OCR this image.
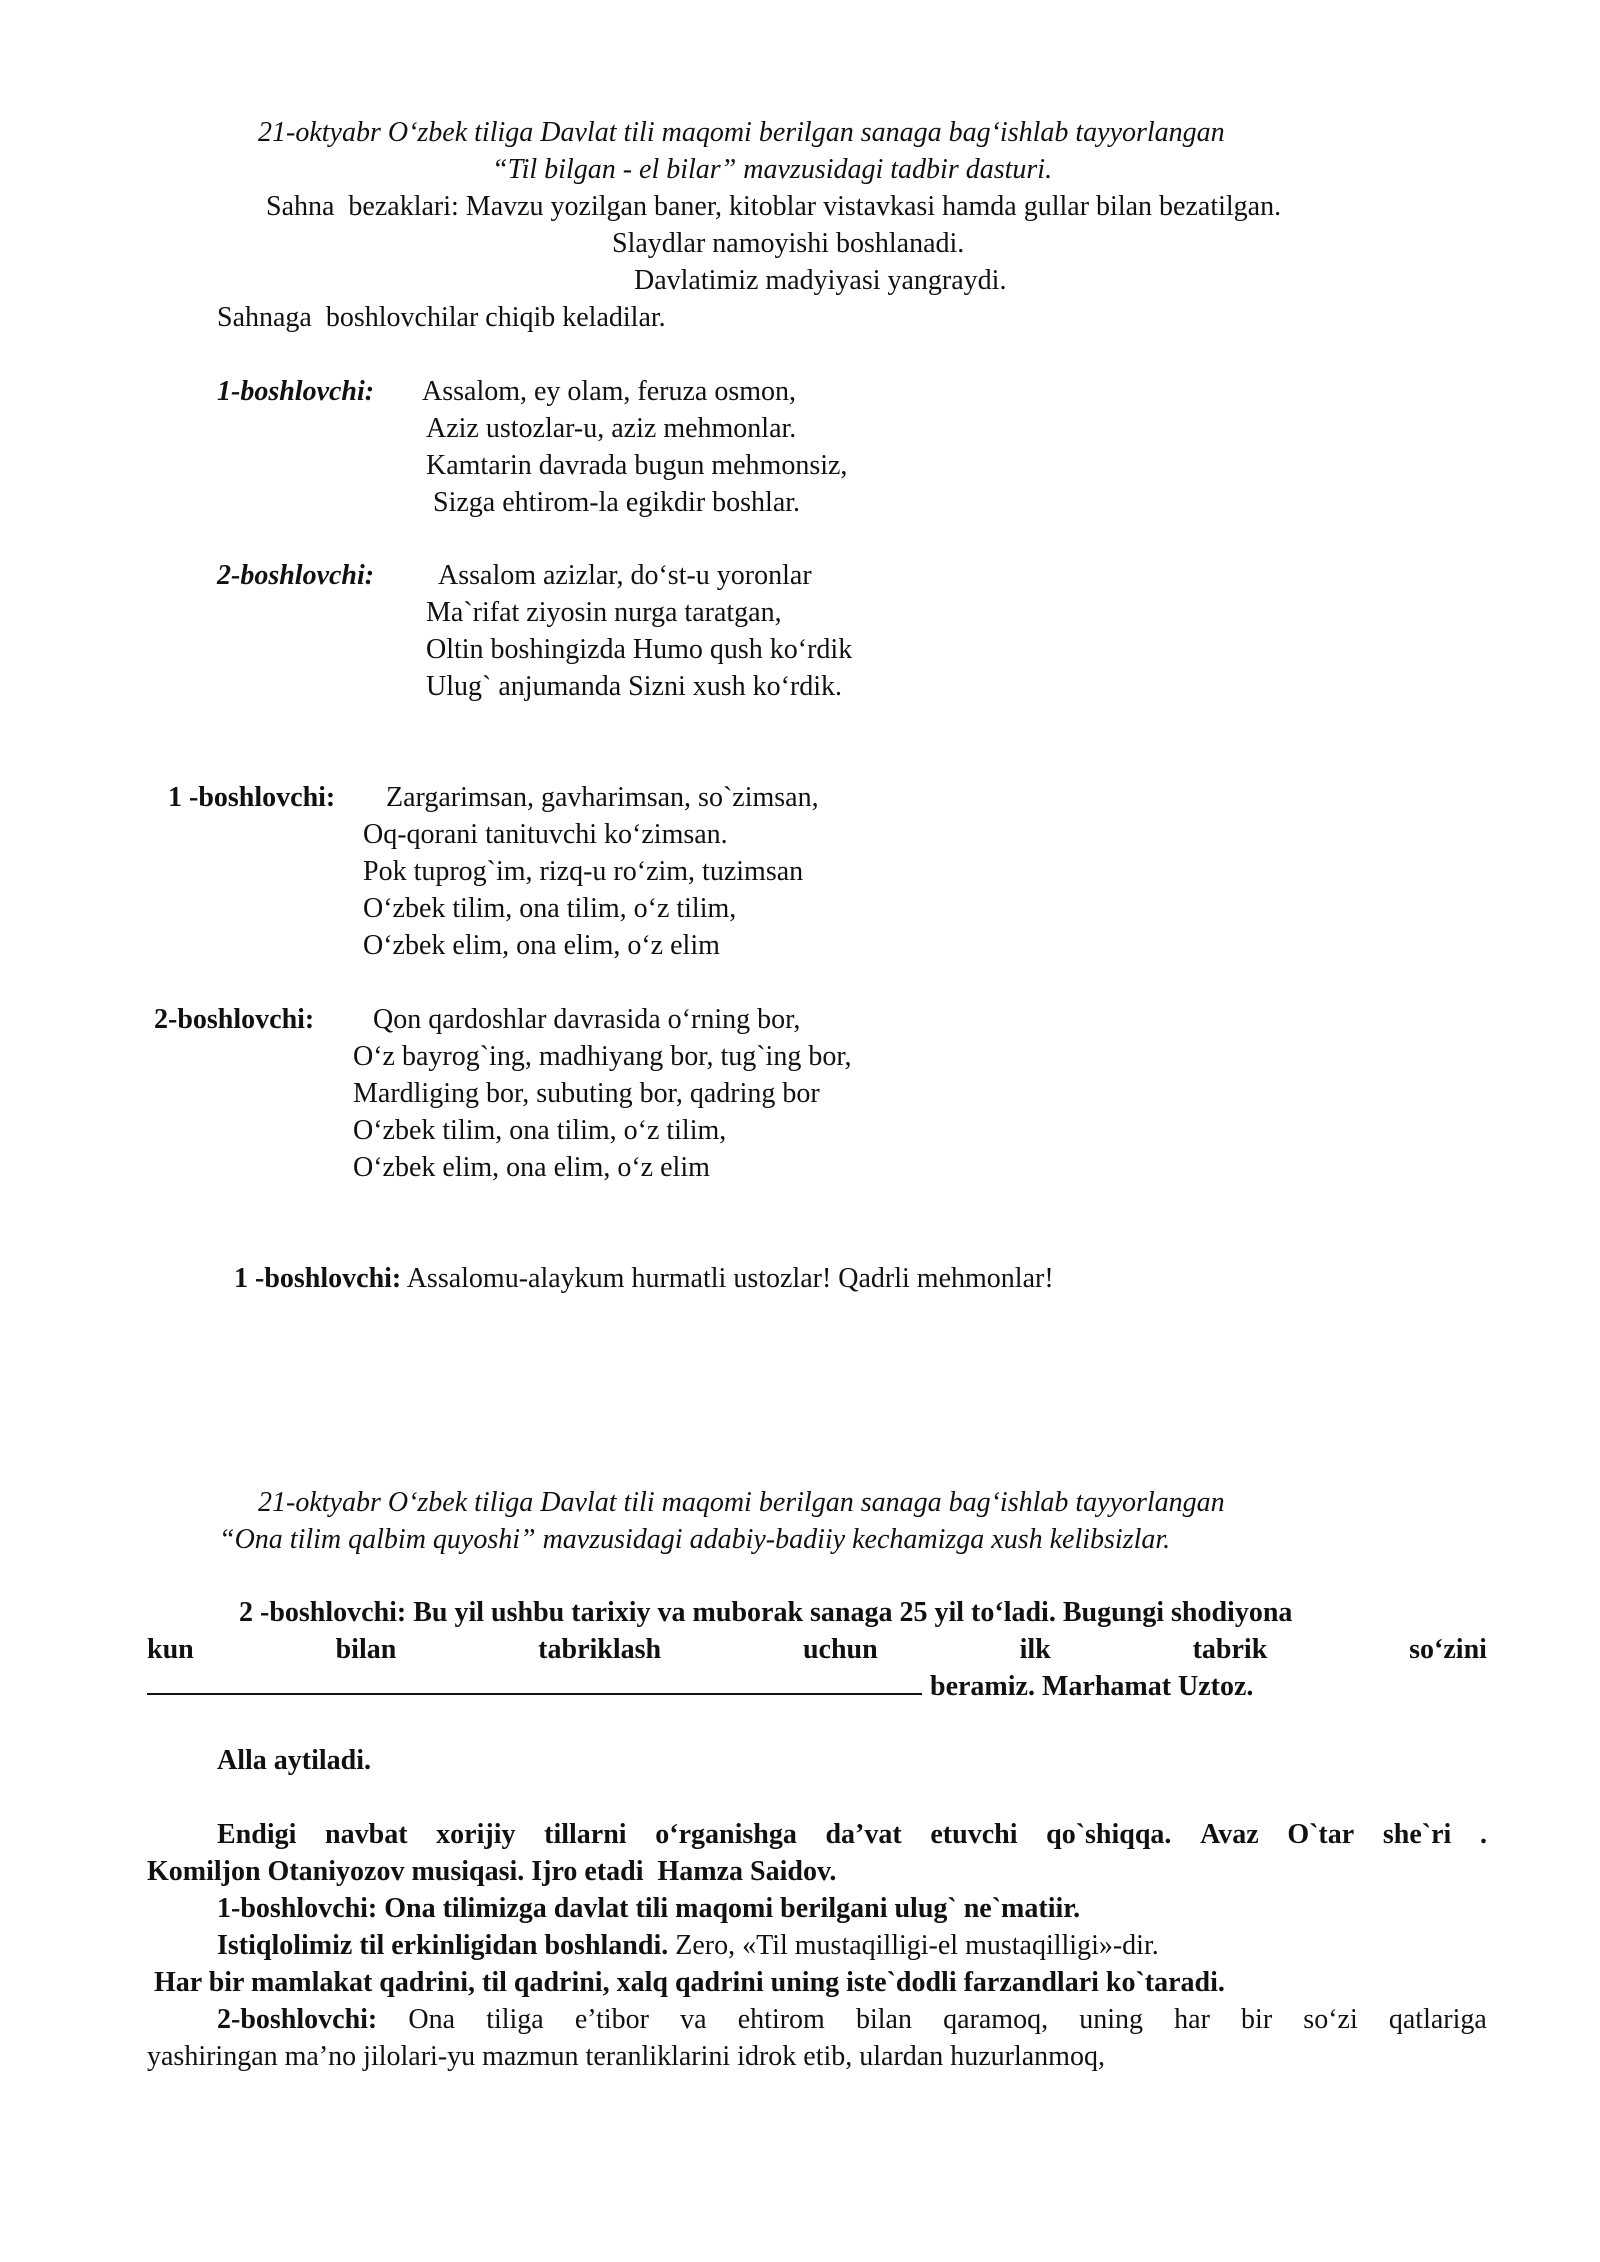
21-oktyabr O‘zbek tiliga Davlat tili maqomi berilgan sanaga bag‘ishlab tayyorlangan
“Til bilgan - el bilar” mavzusidagi tadbir dasturi.
Sahna  bezaklari: Mavzu yozilgan baner, kitoblar vistavkasi hamda gullar bilan bezatilgan.
Slaydlar namoyishi boshlanadi.
Davlatimiz madyiyasi yangraydi.
Sahnaga  boshlovchilar chiqib keladilar.
1-boshlovchi: Assalom, ey olam, feruza osmon,
Aziz ustozlar-u, aziz mehmonlar.
Kamtarin davrada bugun mehmonsiz,
Sizga ehtirom-la egikdir boshlar.
2-boshlovchi: Assalom azizlar, do‘st-u yoronlar
Ma`rifat ziyosin nurga taratgan,
Oltin boshingizda Humo qush ko‘rdik
Ulug` anjumanda Sizni xush ko‘rdik.
1 -boshlovchi: Zargarimsan, gavharimsan, so`zimsan,
Oq-qorani tanituvchi ko‘zimsan.
Pok tuprog`im, rizq-u ro‘zim, tuzimsan
O‘zbek tilim, ona tilim, o‘z tilim,
O‘zbek elim, ona elim, o‘z elim
2-boshlovchi: Qon qardoshlar davrasida o‘rning bor,
O‘z bayrog`ing, madhiyang bor, tug`ing bor,
Mardliging bor, subuting bor, qadring bor
O‘zbek tilim, ona tilim, o‘z tilim,
O‘zbek elim, ona elim, o‘z elim
1 -boshlovchi: Assalomu-alaykum hurmatli ustozlar! Qadrli mehmonlar!
21-oktyabr O‘zbek tiliga Davlat tili maqomi berilgan sanaga bag‘ishlab tayyorlangan
“Ona tilim qalbim quyoshi” mavzusidagi adabiy-badiiy kechamizga xush kelibsizlar.
2 -boshlovchi: Bu yil ushbu tarixiy va muborak sanaga 25 yil to‘ladi. Bugungi shodiyona
kun	bilan	tabriklash	uchun	ilk	tabrik	so‘zini
beramiz. Marhamat Uztoz.
Alla aytiladi.
Endigi navbat xorijiy tillarni o‘rganishga da’vat etuvchi qo`shiqqa. Avaz O`tar she`ri .
Komiljon Otaniyozov musiqasi. Ijro etadi  Hamza Saidov.
1-boshlovchi: Ona tilimizga davlat tili maqomi berilgani ulug` ne`matiir.
Istiqlolimiz til erkinligidan boshlandi. Zero, «Til mustaqilligi-el mustaqilligi»-dir.
Har bir mamlakat qadrini, til qadrini, xalq qadrini uning iste`dodli farzandlari ko`taradi.
2-boshlovchi: Ona tiliga e’tibor va ehtirom bilan qaramoq, uning har bir so‘zi qatlariga
yashiringan ma’no jilolari-yu mazmun teranliklarini idrok etib, ulardan huzurlanmoq,
